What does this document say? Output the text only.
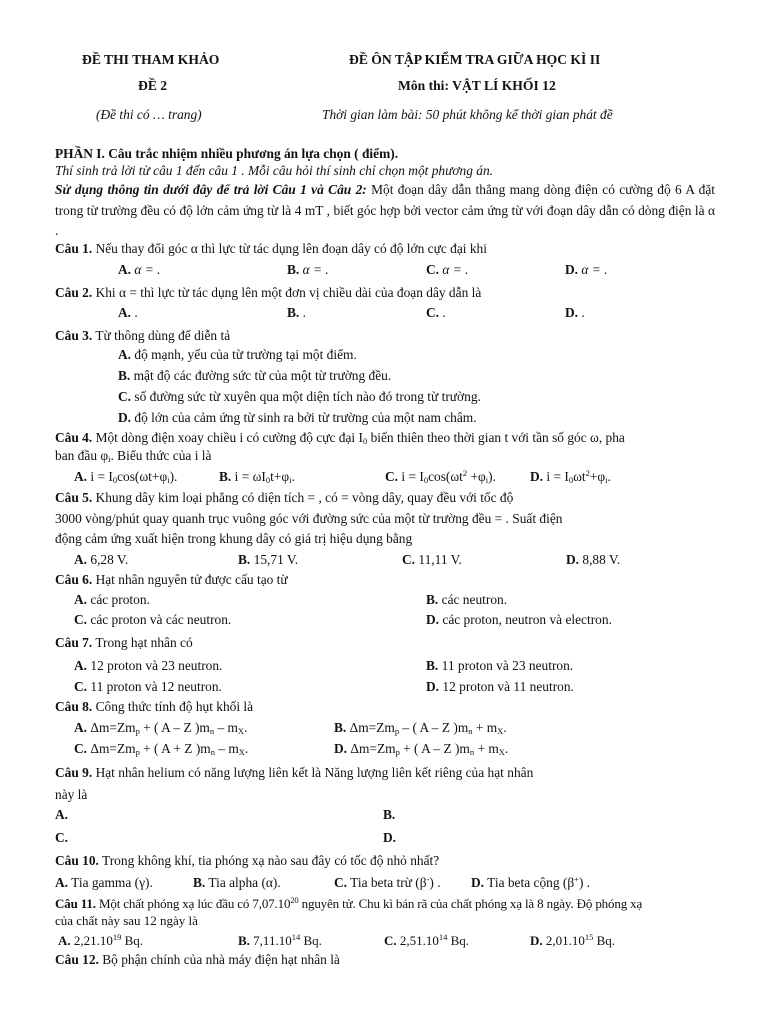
ĐỀ THI THAM KHẢO
ĐỀ 2
(Đề thi có … trang)
ĐỀ ÔN TẬP KIỂM TRA GIỮA HỌC KÌ II
Môn thi: VẬT LÍ KHỐI 12
Thời gian làm bài: 50 phút không kể thời gian phát đề
PHẦN I. Câu trắc nhiệm nhiều phương án lựa chọn ( điểm).
Thí sinh trả lời từ câu 1 đến câu 1 . Mỗi câu hỏi thí sinh chỉ chọn một phương án.
Sử dụng thông tin dưới đây để trả lời Câu 1 và Câu 2: Một đoạn dây dẫn thẳng mang dòng điện có cường độ 6 A đặt trong từ trường đều có độ lớn cảm ứng từ là 4 mT , biết góc hợp bởi vector cảm ứng từ với đoạn dây dẫn có dòng điện là α .
Câu 1. Nếu thay đổi góc α thì lực từ tác dụng lên đoạn dây có độ lớn cực đại khi
A. α = .	B. α = .	C. α = .	D. α = .
Câu 2. Khi α = thì lực từ tác dụng lên một đơn vị chiều dài của đoạn dây dẫn là
A. .	B. .	C. .	D. .
Câu 3. Từ thông dùng để diễn tả
A. độ mạnh, yếu của từ trường tại một điểm.
B. mật độ các đường sức từ của một từ trường đều.
C. số đường sức từ xuyên qua một diện tích nào đó trong từ trường.
D. độ lớn của cảm ứng từ sinh ra bởi từ trường của một nam châm.
Câu 4. Một dòng điện xoay chiều i có cường độ cực đại $I_0$ biến thiên theo thời gian t với tần số góc ω, pha
ban đầu $\varphi_i$. Biểu thức của i là
A. $i = I_0\cos(\omega t+\varphi_i)$.	B. $i = \omega I_0t+\varphi_i$.	C. $i = I_0\cos(\omega t^2 +\varphi_i)$.	D. $i = I_0\omega t^2+\varphi_i$.
Câu 5. Khung dây kim loại phẳng có diện tích = , có = vòng dây, quay đều với tốc độ
3000 vòng/phút quay quanh trục vuông góc với đường sức của một từ trường đều = . Suất điện
động cảm ứng xuất hiện trong khung dây có giá trị hiệu dụng bằng
A. 6,28 V.	B. 15,71 V.	C. 11,11 V.	D. 8,88 V.
Câu 6. Hạt nhân nguyên tử được cấu tạo từ
A. các proton.	B. các neutron.
C. các proton và các neutron.	D. các proton, neutron và electron.
Câu 7. Trong hạt nhân có
A. 12 proton và 23 neutron.	B. 11 proton và 23 neutron.
C. 11 proton và 12 neutron.	D. 12 proton và 11 neutron.
Câu 8. Công thức tính độ hụt khối là
A. $\Delta m=Zm_p$ + ( A – Z )$m_n - m_X$.	B. $\Delta m=Zm_p$ – ( A – Z )$m_n + m_X$.
C. $\Delta m=Zm_p$ + ( A + Z )$m_n - m_X$.	D. $\Delta m=Zm_p$ + ( A – Z )$m_n + m_X$.
Câu 9. Hạt nhân helium có năng lượng liên kết là Năng lượng liên kết riêng của hạt nhân
này là
A.	B.
C.	D.
Câu 10. Trong không khí, tia phóng xạ nào sau đây có tốc độ nhỏ nhất?
A. Tia gamma (γ).	B. Tia alpha (α).	C. Tia beta trừ (β-) . D. Tia beta cộng (β+) .
Câu 11. Một chất phóng xạ lúc đầu có 7,07.10$^{20}$ nguyên tử. Chu kì bán rã của chất phóng xạ là 8 ngày. Độ phóng xạ
của chất này sau 12 ngày là
A. 2,21.10$^{19}$ Bq.	B. 7,11.10$^{14}$ Bq.	C. 2,51.10$^{14}$ Bq.	D. 2,01.10$^{15}$ Bq.
Câu 12. Bộ phận chính của nhà máy điện hạt nhân là
